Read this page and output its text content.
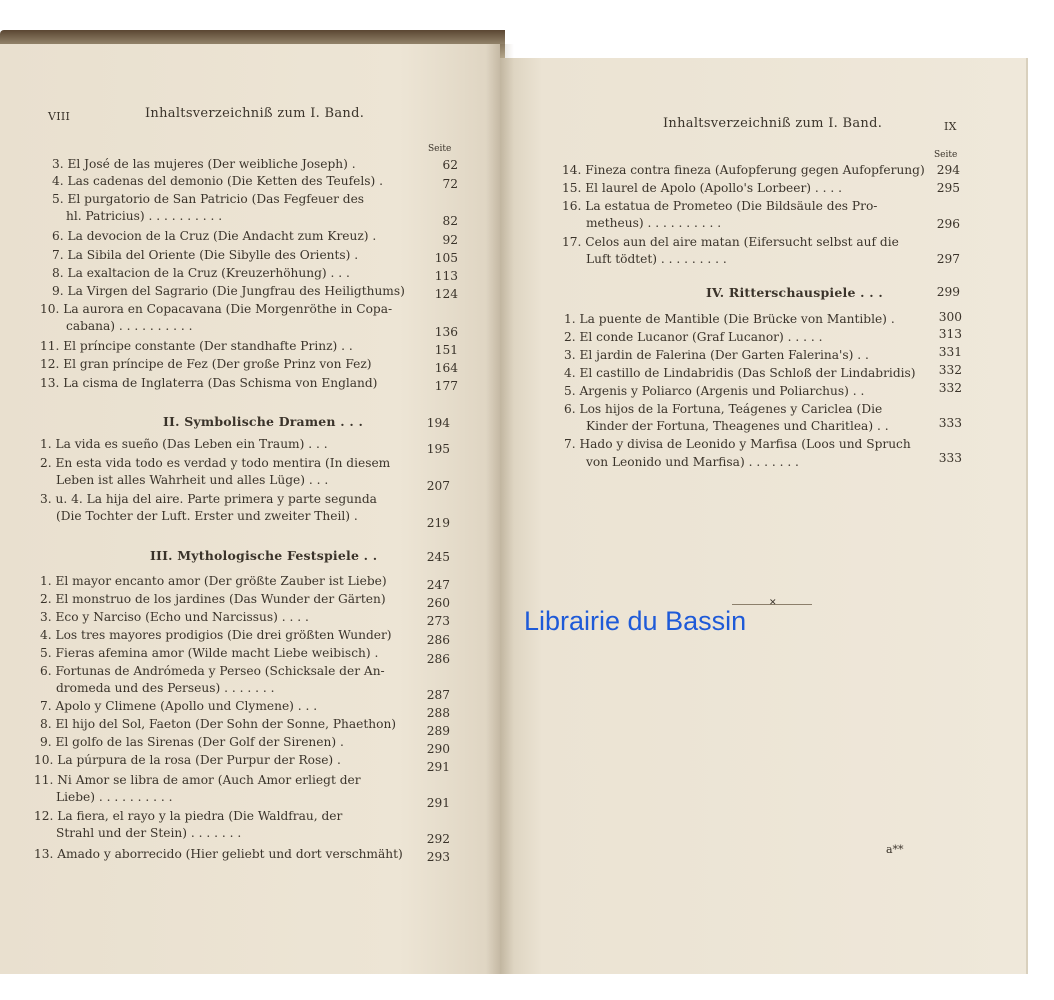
VIII	Inhaltsverzeichniß zum I. Band.
Seite
3. El José de las mujeres (Der weibliche Joseph) .	62
4. Las cadenas del demonio (Die Ketten des Teufels) .	72
5. El purgatorio de San Patricio (Das Fegfeuer des
hl. Patricius) . . . . . . . . . .	82
6. La devocion de la Cruz (Die Andacht zum Kreuz) .	92
7. La Sibila del Oriente (Die Sibylle des Orients) .	105
8. La exaltacion de la Cruz (Kreuzerhöhung) . . .	113
9. La Virgen del Sagrario (Die Jungfrau des Heiligthums)	124
10. La aurora en Copacavana (Die Morgenröthe in Copa-
cabana) . . . . . . . . . .	136
11. El príncipe constante (Der standhafte Prinz) . .	151
12. El gran príncipe de Fez (Der große Prinz von Fez)	164
13. La cisma de Inglaterra (Das Schisma von England)	177
II. Symbolische Dramen . . .	194
1. La vida es sueño (Das Leben ein Traum) . . .	195
2. En esta vida todo es verdad y todo mentira (In diesem
Leben ist alles Wahrheit und alles Lüge) . . .	207
3. u. 4. La hija del aire. Parte primera y parte segunda
(Die Tochter der Luft. Erster und zweiter Theil) .	219
III. Mythologische Festspiele . .	245
1. El mayor encanto amor (Der größte Zauber ist Liebe)	247
2. El monstruo de los jardines (Das Wunder der Gärten)	260
3. Eco y Narciso (Echo und Narcissus) . . . .	273
4. Los tres mayores prodigios (Die drei größten Wunder)	286
5. Fieras afemina amor (Wilde macht Liebe weibisch) .	286
6. Fortunas de Andrómeda y Perseo (Schicksale der An-
dromeda und des Perseus) . . . . . . .	287
7. Apolo y Climene (Apollo und Clymene) . . .	288
8. El hijo del Sol, Faeton (Der Sohn der Sonne, Phaethon)	289
9. El golfo de las Sirenas (Der Golf der Sirenen) .	290
10. La púrpura de la rosa (Der Purpur der Rose) .	291
11. Ni Amor se libra de amor (Auch Amor erliegt der
Liebe) . . . . . . . . . .	291
12. La fiera, el rayo y la piedra (Die Waldfrau, der
Strahl und der Stein) . . . . . . .	292
13. Amado y aborrecido (Hier geliebt und dort verschmäht)	293
Inhaltsverzeichniß zum I. Band.	IX
Seite
14. Fineza contra fineza (Aufopferung gegen Aufopferung) 294
15. El laurel de Apolo (Apollo's Lorbeer) . . . .	295
16. La estatua de Prometeo (Die Bildsäule des Pro-
metheus) . . . . . . . . . .	296
17. Celos aun del aire matan (Eifersucht selbst auf die
Luft tödtet) . . . . . . . . .	297
IV. Ritterschauspiele . . .	299
1. La puente de Mantible (Die Brücke von Mantible) .	300
2. El conde Lucanor (Graf Lucanor) . . . . .	313
3. El jardin de Falerina (Der Garten Falerina's) . .	331
4. El castillo de Lindabridis (Das Schloß der Lindabridis)	332
5. Argenis y Poliarco (Argenis und Poliarchus) . .	332
6. Los hijos de la Fortuna, Teágenes y Cariclea (Die
Kinder der Fortuna, Theagenes und Charitlea) . .	333
7. Hado y divisa de Leonido y Marfisa (Loos und Spruch
von Leonido und Marfisa) . . . . . . .	333
✕
Librairie du Bassin
a**
